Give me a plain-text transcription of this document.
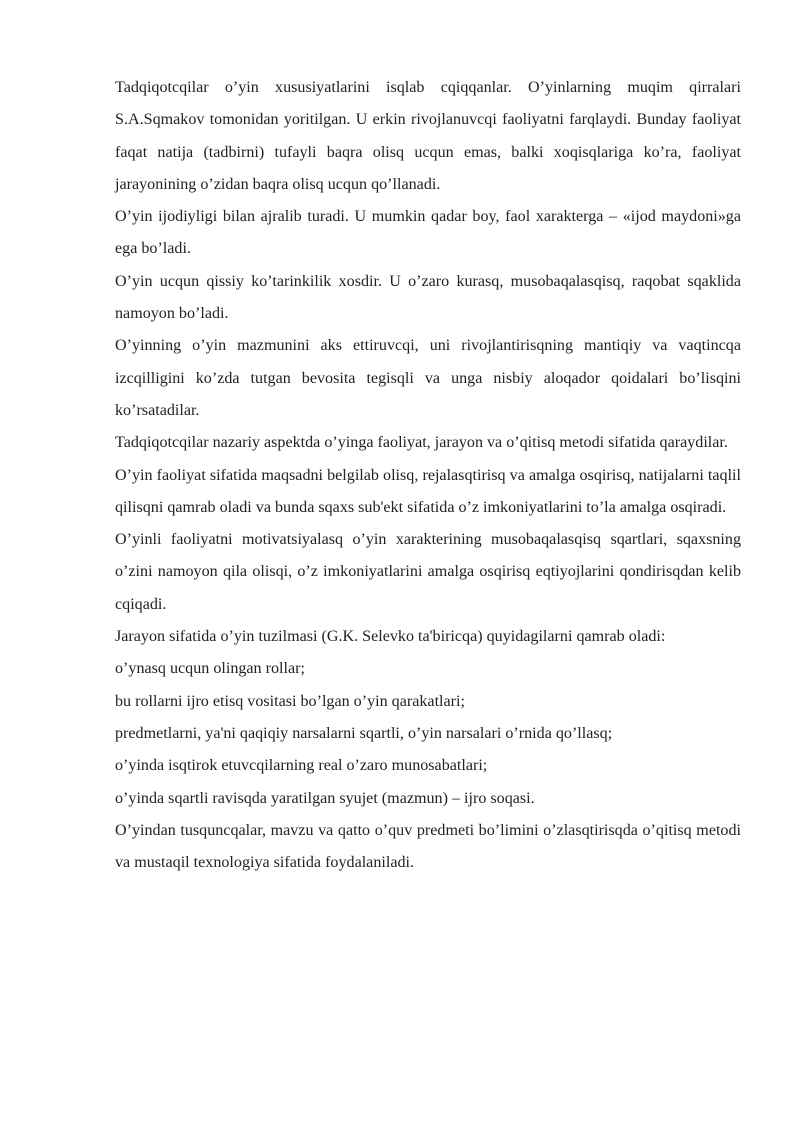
Tadqiqotcqilar o’yin xususiyatlarini isqlab cqiqqanlar. O’yinlarning muqim qirralari S.A.Sqmakov tomonidan yoritilgan. U erkin rivojlanuvcqi faoliyatni farqlaydi. Bunday faoliyat faqat natija (tadbirni) tufayli baqra olisq ucqun emas, balki xoqisqlariga ko’ra, faoliyat jarayonining o’zidan baqra olisq ucqun qo’llanadi.

O’yin ijodiyligi bilan ajralib turadi. U mumkin qadar boy, faol xarakterga – «ijod maydoni»ga ega bo’ladi.

O’yin ucqun qissiy ko’tarinkilik xosdir. U o’zaro kurasq, musobaqalasqisq, raqobat sqaklida namoyon bo’ladi.

O’yinning o’yin mazmunini aks ettiruvcqi, uni rivojlantirisqning mantiqiy va vaqtincqa izcqilligini ko’zda tutgan bevosita tegisqli va unga nisbiy aloqador qoidalari bo’lisqini ko’rsatadilar.

Tadqiqotcqilar nazariy aspektda o’yinga faoliyat, jarayon va o’qitisq metodi sifatida qaraydilar.

O’yin faoliyat sifatida maqsadni belgilab olisq, rejalasqtirisq va amalga osqirisq, natijalarni taqlil qilisqni qamrab oladi va bunda sqaxs sub'ekt sifatida o’z imkoniyatlarini to’la amalga osqiradi.

O’yinli faoliyatni motivatsiyalasq o’yin xarakterining musobaqalasqisq sqartlari, sqaxsning o’zini namoyon qila olisqi, o’z imkoniyatlarini amalga osqirisq eqtiyojlarini qondirisqdan kelib cqiqadi.

Jarayon sifatida o’yin tuzilmasi (G.K. Selevko ta'biricqa) quyidagilarni qamrab oladi:

o’ynasq ucqun olingan rollar;

bu rollarni ijro etisq vositasi bo’lgan o’yin qarakatlari;

predmetlarni, ya'ni qaqiqiy narsalarni sqartli, o’yin narsalari o’rnida qo’llasq;

o’yinda isqtirok etuvcqilarning real o’zaro munosabatlari;

o’yinda sqartli ravisqda yaratilgan syujet (mazmun) – ijro soqasi.

O’yindan tusquncqalar, mavzu va qatto o’quv predmeti bo’limini o’zlasqtirisqda o’qitisq metodi va mustaqil texnologiya sifatida foydalaniladi.
